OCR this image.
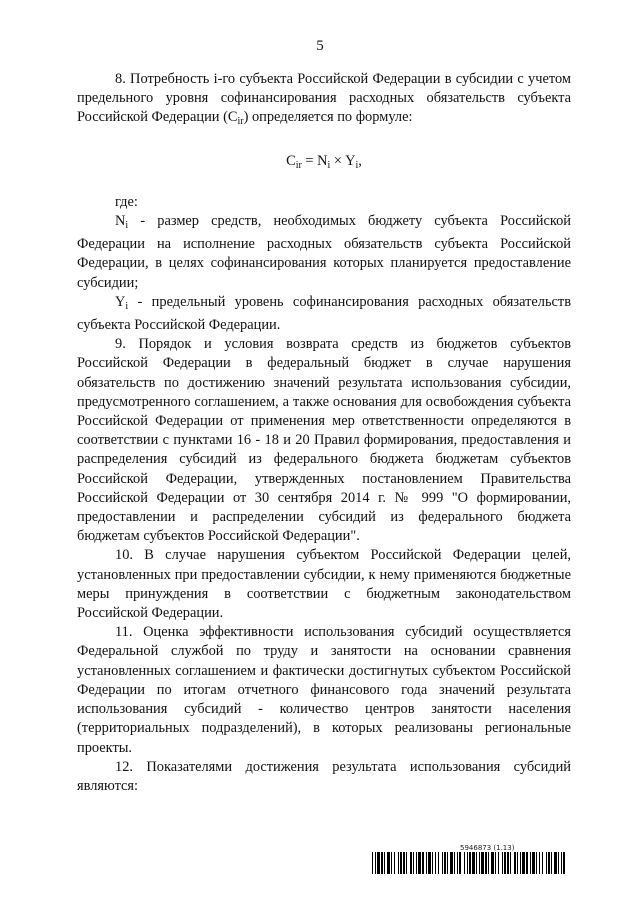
5

8. Потребность i-го субъекта Российской Федерации в субсидии с учетом предельного уровня софинансирования расходных обязательств субъекта Российской Федерации $(C_{ir})$ определяется по формуле:

$C_{ir} = N_i \times Y_i$,

где:

$N_i$ - размер средств, необходимых бюджету субъекта Российской Федерации на исполнение расходных обязательств субъекта Российской Федерации, в целях софинансирования которых планируется предоставление субсидии;

$Y_i$ - предельный уровень софинансирования расходных обязательств субъекта Российской Федерации.

9. Порядок и условия возврата средств из бюджетов субъектов Российской Федерации в федеральный бюджет в случае нарушения обязательств по достижению значений результата использования субсидии, предусмотренного соглашением, а также основания для освобождения субъекта Российской Федерации от применения мер ответственности определяются в соответствии с пунктами 16 - 18 и 20 Правил формирования, предоставления и распределения субсидий из федерального бюджета бюджетам субъектов Российской Федерации, утвержденных постановлением Правительства Российской Федерации от 30 сентября 2014 г. № 999 "О формировании, предоставлении и распределении субсидий из федерального бюджета бюджетам субъектов Российской Федерации".

10. В случае нарушения субъектом Российской Федерации целей, установленных при предоставлении субсидии, к нему применяются бюджетные меры принуждения в соответствии с бюджетным законодательством Российской Федерации.

11. Оценка эффективности использования субсидий осуществляется Федеральной службой по труду и занятости на основании сравнения установленных соглашением и фактически достигнутых субъектом Российской Федерации по итогам отчетного финансового года значений результата использования субсидий - количество центров занятости населения (территориальных подразделений), в которых реализованы региональные проекты.

12. Показателями достижения результата использования субсидий являются:

5946873 (1.13)
